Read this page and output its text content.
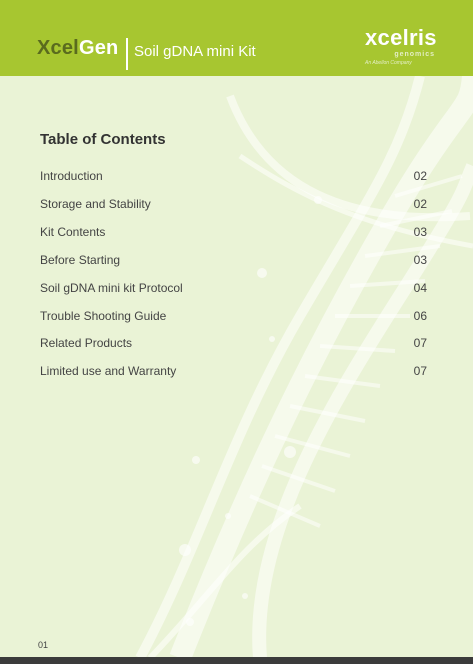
XcelGen Soil gDNA mini Kit
xcelris
genomics
An Abellon Company
Table of Contents
Introduction	02
Storage and Stability	02
Kit Contents	03
Before Starting	03
Soil gDNA mini kit Protocol	04
Trouble Shooting Guide	06
Related Products	07
Limited use and Warranty	07
01
